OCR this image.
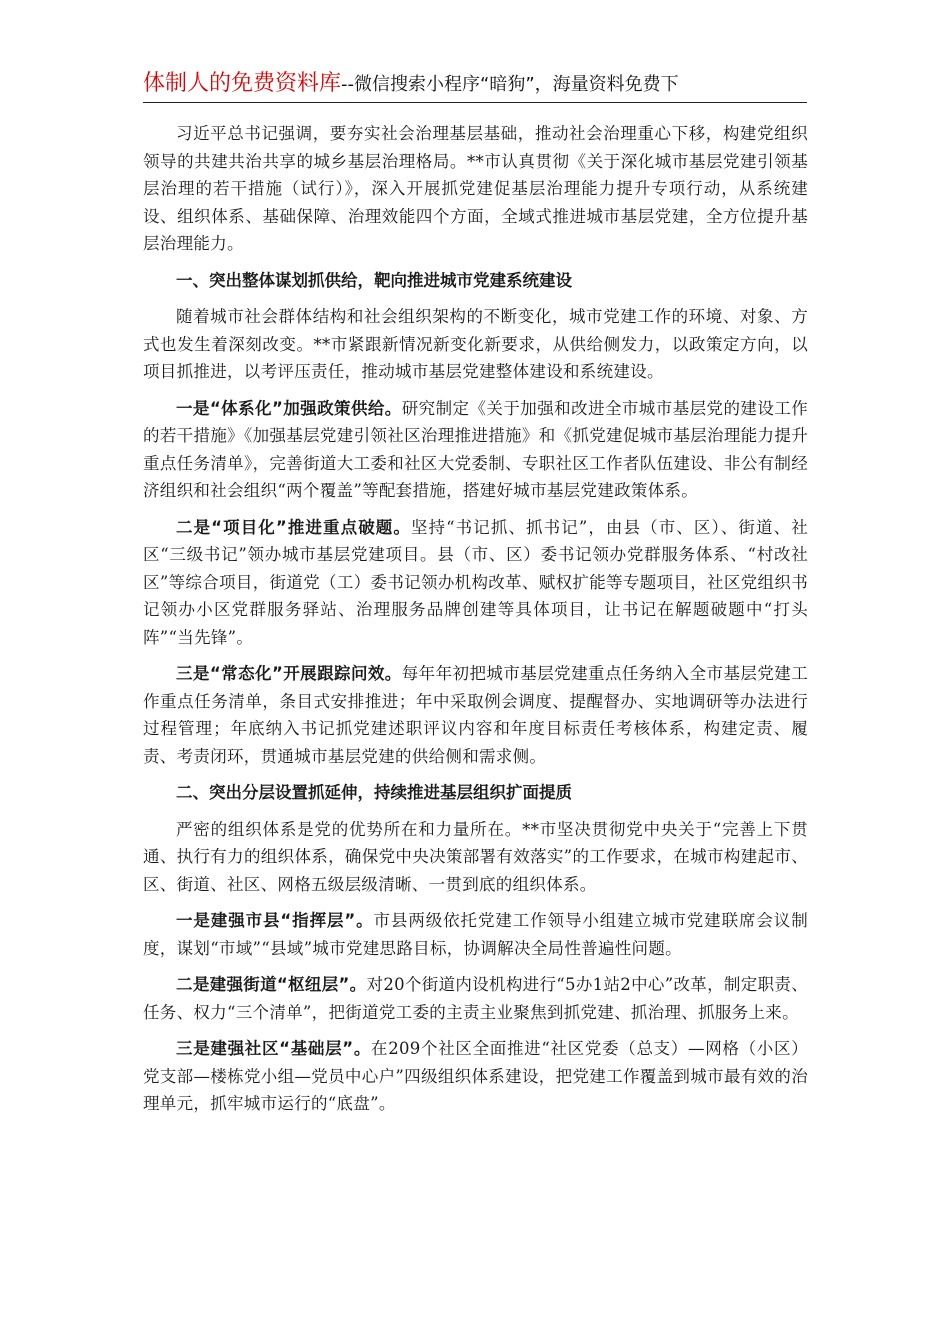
体制人的免费资料库--微信搜索小程序“暗狗”，海量资料免费下

习近平总书记强调，要夯实社会治理基层基础，推动社会治理重心下移，构建党组织领导的共建共治共享的城乡基层治理格局。**市认真贯彻《关于深化城市基层党建引领基层治理的若干措施（试行）》，深入开展抓党建促基层治理能力提升专项行动，从系统建设、组织体系、基础保障、治理效能四个方面，全域式推进城市基层党建，全方位提升基层治理能力。

一、突出整体谋划抓供给，靶向推进城市党建系统建设

随着城市社会群体结构和社会组织架构的不断变化，城市党建工作的环境、对象、方式也发生着深刻改变。**市紧跟新情况新变化新要求，从供给侧发力，以政策定方向，以项目抓推进，以考评压责任，推动城市基层党建整体建设和系统建设。

一是“体系化”加强政策供给。研究制定《关于加强和改进全市城市基层党的建设工作的若干措施》《加强基层党建引领社区治理推进措施》和《抓党建促城市基层治理能力提升重点任务清单》，完善街道大工委和社区大党委制、专职社区工作者队伍建设、非公有制经济组织和社会组织“两个覆盖”等配套措施，搭建好城市基层党建政策体系。

二是“项目化”推进重点破题。坚持“书记抓、抓书记”，由县（市、区）、街道、社区“三级书记”领办城市基层党建项目。县（市、区）委书记领办党群服务体系、“村改社区”等综合项目，街道党（工）委书记领办机构改革、赋权扩能等专题项目，社区党组织书记领办小区党群服务驿站、治理服务品牌创建等具体项目，让书记在解题破题中“打头阵”“当先锋”。

三是“常态化”开展跟踪问效。每年年初把城市基层党建重点任务纳入全市基层党建工作重点任务清单，条目式安排推进；年中采取例会调度、提醒督办、实地调研等办法进行过程管理；年底纳入书记抓党建述职评议内容和年度目标责任考核体系，构建定责、履责、考责闭环，贯通城市基层党建的供给侧和需求侧。

二、突出分层设置抓延伸，持续推进基层组织扩面提质

严密的组织体系是党的优势所在和力量所在。**市坚决贯彻党中央关于“完善上下贯通、执行有力的组织体系，确保党中央决策部署有效落实”的工作要求，在城市构建起市、区、街道、社区、网格五级层级清晰、一贯到底的组织体系。

一是建强市县“指挥层”。市县两级依托党建工作领导小组建立城市党建联席会议制度，谋划“市域”“县域”城市党建思路目标，协调解决全局性普遍性问题。

二是建强街道“枢纽层”。对20个街道内设机构进行“5办1站2中心”改革，制定职责、任务、权力“三个清单”，把街道党工委的主责主业聚焦到抓党建、抓治理、抓服务上来。

三是建强社区“基础层”。在209个社区全面推进“社区党委（总支）—网格（小区）党支部—楼栋党小组—党员中心户”四级组织体系建设，把党建工作覆盖到城市最有效的治理单元，抓牢城市运行的“底盘”。
